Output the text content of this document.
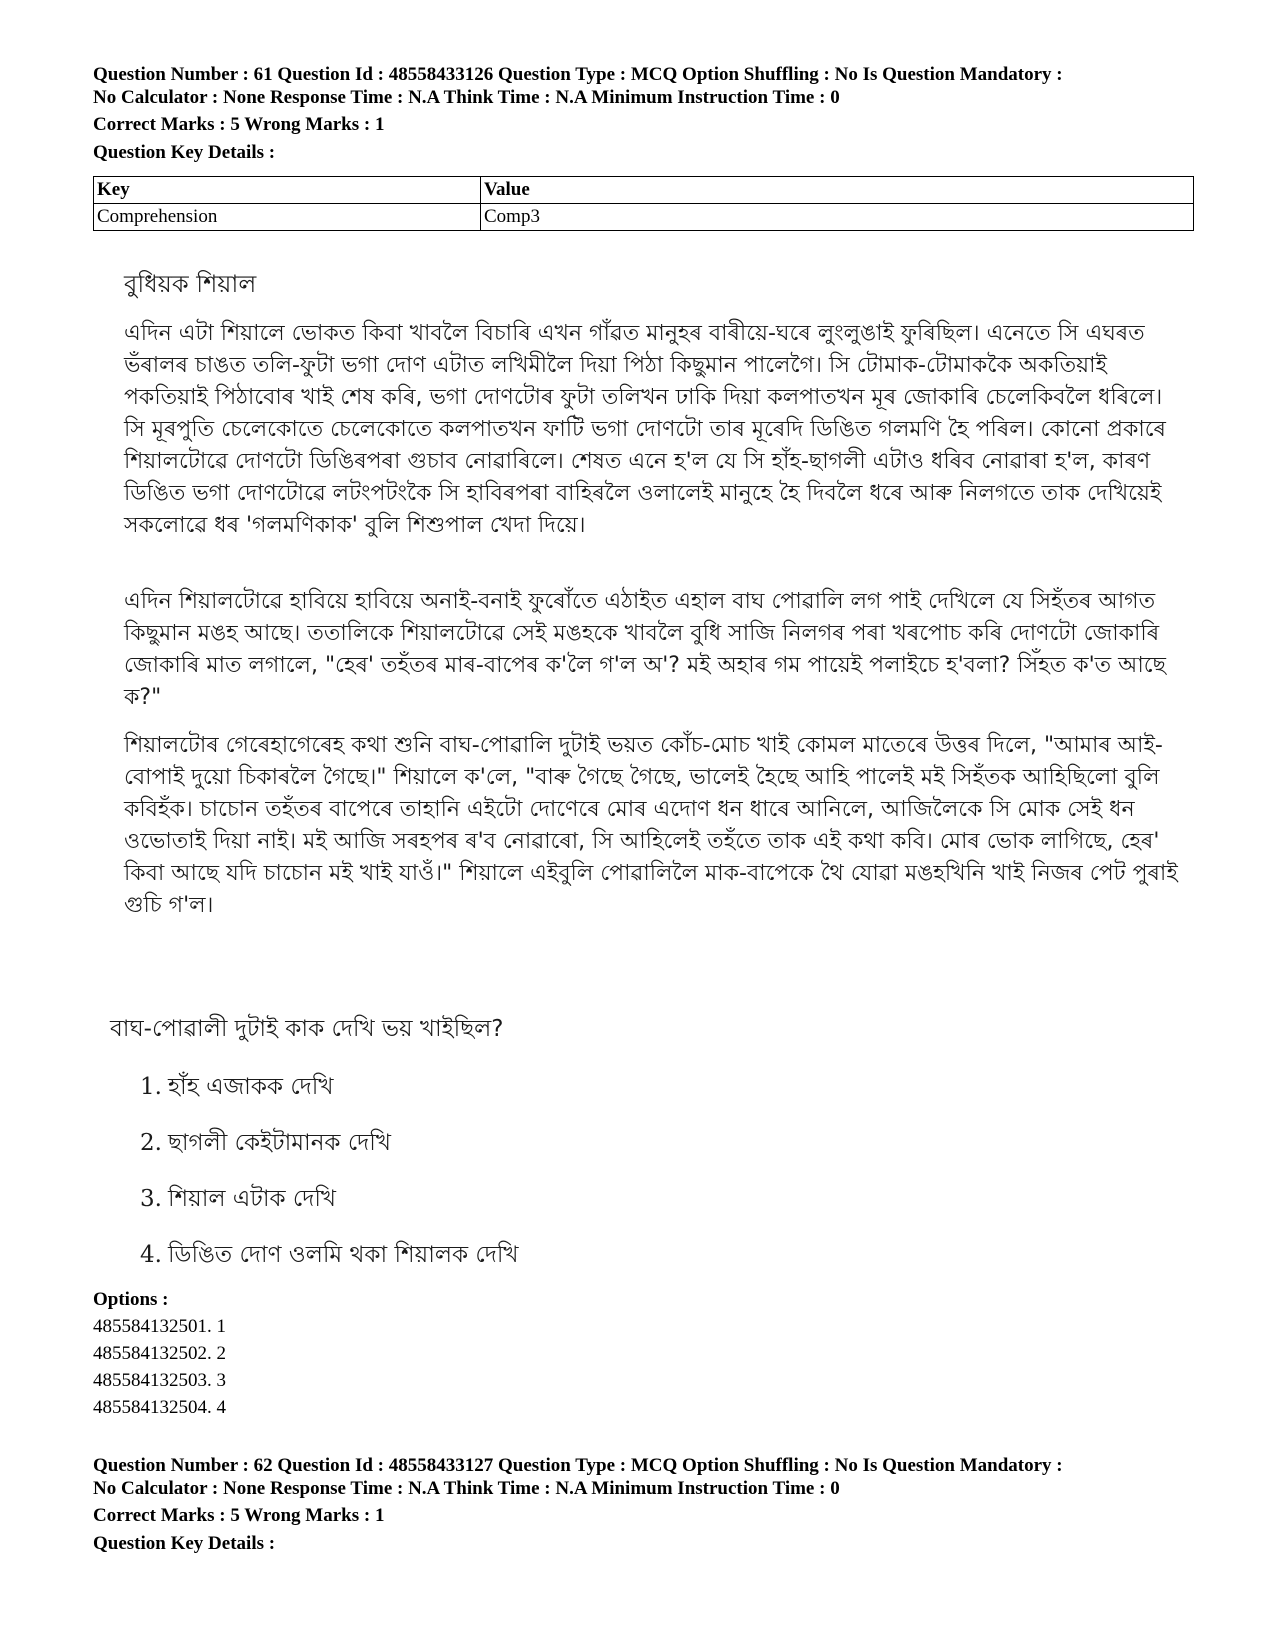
Question Number : 61 Question Id : 48558433126 Question Type : MCQ Option Shuffling : No Is Question Mandatory :
No Calculator : None Response Time : N.A Think Time : N.A Minimum Instruction Time : 0
Correct Marks : 5 Wrong Marks : 1
Question Key Details :
Key	Value
Comprehension	Comp3
বুধিয়ক শিয়াল
এদিন এটা শিয়ালে ভোকত কিবা খাবলৈ বিচাৰি এখন গাঁৱত মানুহৰ বাৰীয়ে-ঘৰে লুংলুঙাই ফুৰিছিল। এনেতে সি এঘৰত ভঁৰালৰ চাঙত তলি-ফুটা ভগা দোণ এটাত লখিমীলৈ দিয়া পিঠা কিছুমান পালেগৈ। সি টোমাক-টোমাককৈ অকতিয়াই পকতিয়াই পিঠাবোৰ খাই শেষ কৰি, ভগা দোণটোৰ ফুটা তলিখন ঢাকি দিয়া কলপাতখন মূৰ জোকাৰি চেলেকিবলৈ ধৰিলে। সি মূৰপুতি চেলেকোতে চেলেকোতে কলপাতখন ফাটি ভগা দোণটো তাৰ মূৰেদি ডিঙিত গলমণি হৈ পৰিল। কোনো প্ৰকাৰে শিয়ালটোৱে দোণটো ডিঙিৰপৰা গুচাব নোৱাৰিলে। শেষত এনে হ'ল যে সি হাঁহ-ছাগলী এটাও ধৰিব নোৱাৰা হ'ল, কাৰণ ডিঙিত ভগা দোণটোৱে লটংপটংকৈ সি হাবিৰপৰা বাহিৰলৈ ওলালেই মানুহে হৈ দিবলৈ ধৰে আৰু নিলগতে তাক দেখিয়েই সকলোৱে ধৰ 'গলমণিকাক' বুলি শিশুপাল খেদা দিয়ে।
এদিন শিয়ালটোৱে হাবিয়ে হাবিয়ে অনাই-বনাই ফুৰোঁতে এঠাইত এহাল বাঘ পোৱালি লগ পাই দেখিলে যে সিহঁতৰ আগত কিছুমান মঙহ আছে। ততালিকে শিয়ালটোৱে সেই মঙহকে খাবলৈ বুধি সাজি নিলগৰ পৰা খৰপোচ কৰি দোণটো জোকাৰি জোকাৰি মাত লগালে, "হেৰ' তহঁতৰ মাৰ-বাপেৰ ক'লৈ গ'ল অ'? মই অহাৰ গম পায়েই পলাইচে হ'বলা? সিঁহত ক'ত আছে ক?"
শিয়ালটোৰ গেৰেহাগেৰেহ কথা শুনি বাঘ-পোৱালি দুটাই ভয়ত কোঁচ-মোচ খাই কোমল মাতেৰে উত্তৰ দিলে, "আমাৰ আই-বোপাই দুয়ো চিকাৰলৈ গৈছে।" শিয়ালে ক'লে, "বাৰু গৈছে গৈছে, ভালেই হৈছে আহি পালেই মই সিহঁতক আহিছিলো বুলি কবিহঁক। চাচোন তহঁতৰ বাপেৰে তাহানি এইটো দোণেৰে মোৰ এদোণ ধন ধাৰে আনিলে, আজিলৈকে সি মোক সেই ধন ওভোতাই দিয়া নাই। মই আজি সৰহপৰ ৰ'ব নোৱাৰো, সি আহিলেই তহঁতে তাক এই কথা কবি। মোৰ ভোক লাগিছে, হেৰ' কিবা আছে যদি চাচোন মই খাই যাওঁ।" শিয়ালে এইবুলি পোৱালিলৈ মাক-বাপেকে থৈ যোৱা মঙহখিনি খাই নিজৰ পেট পুৰাই গুচি গ'ল।
বাঘ-পোৱালী দুটাই কাক দেখি ভয় খাইছিল?
1. হাঁহ এজাকক দেখি
2. ছাগলী কেইটামানক দেখি
3. শিয়াল এটাক দেখি
4. ডিঙিত দোণ ওলমি থকা শিয়ালক দেখি
Options :
485584132501. 1
485584132502. 2
485584132503. 3
485584132504. 4
Question Number : 62 Question Id : 48558433127 Question Type : MCQ Option Shuffling : No Is Question Mandatory :
No Calculator : None Response Time : N.A Think Time : N.A Minimum Instruction Time : 0
Correct Marks : 5 Wrong Marks : 1
Question Key Details :
